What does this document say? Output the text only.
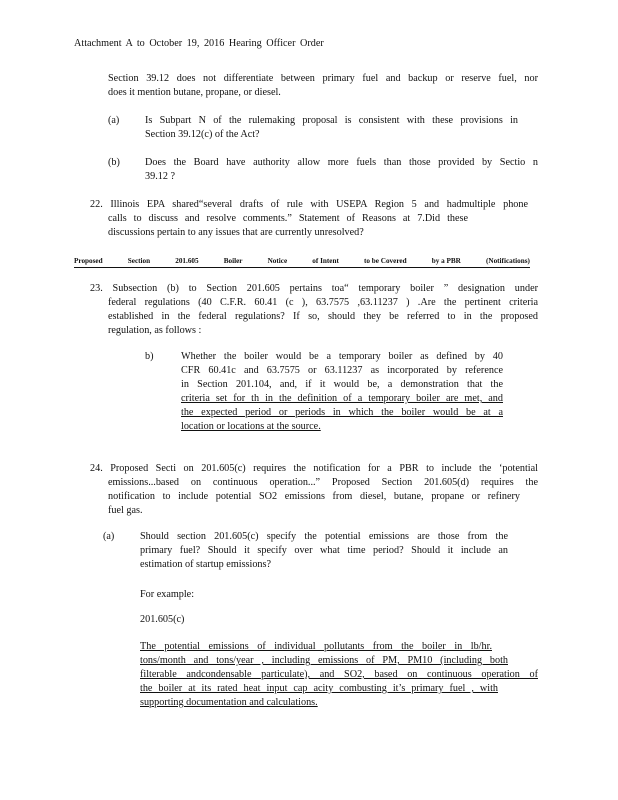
Attachment A to October 19, 2016 Hearing Officer Order
Section 39.12 does not differentiate between primary fuel and backup or reserve fuel, nor
does it mention butane, propane, or diesel.
(a)	Is Subpart N of the rulemaking proposal is consistent with these provisions in
Section 39.12(c) of the Act?
(b) Does the Board have authority allow more fuels than those provided by Sectio n
39.12 ?
22. Illinois EPA shared“several drafts of rule with USEPA Region 5 and hadmultiple phone
calls to discuss and resolve comments.” Statement of Reasons at 7.Did these
discussions pertain to any issues that are currently unresolved?
Proposed	Section	201.605	Boiler	Notice	of Intent	to be Covered	by a PBR	(Notifications)
23. Subsection (b) to Section 201.605 pertains toa“ temporary boiler ” designation under
federal regulations (40 C.F.R. 60.41 (c ), 63.7575 ,63.11237 ) .Are the pertinent criteria
established in the federal regulations? If so, should they be referred to in the proposed
regulation, as follows :
b)	Whether the boiler would be a temporary boiler as defined by 40
CFR 60.41c and 63.7575 or 63.11237 as incorporated by reference
in Section 201.104, and, if it would be, a demonstration that the
criteria set for th in the definition of a temporary boiler are met, and
the expected period or periods in which the boiler would be at a
location or locations at the source.
24. Proposed Secti on 201.605(c) requires the notification for a PBR to include the ‘potential
emissions...based on continuous operation...” Proposed Section 201.605(d) requires the
notification to include potential SO2 emissions from diesel, butane, propane or refinery
fuel gas.
(a)	Should section 201.605(c) specify the potential emissions are those from the
primary fuel? Should it specify over what time period? Should it include an
estimation of startup emissions?
For example:
201.605(c)
The potential emissions of individual pollutants from the boiler in lb/hr.
tons/month and tons/year , including emissions of PM, PM10 (including both
filterable andcondensable particulate), and SO2, based on continuous operation of
the boiler at its rated heat input cap acity combusting it’s primary fuel , with
supporting documentation and calculations.
